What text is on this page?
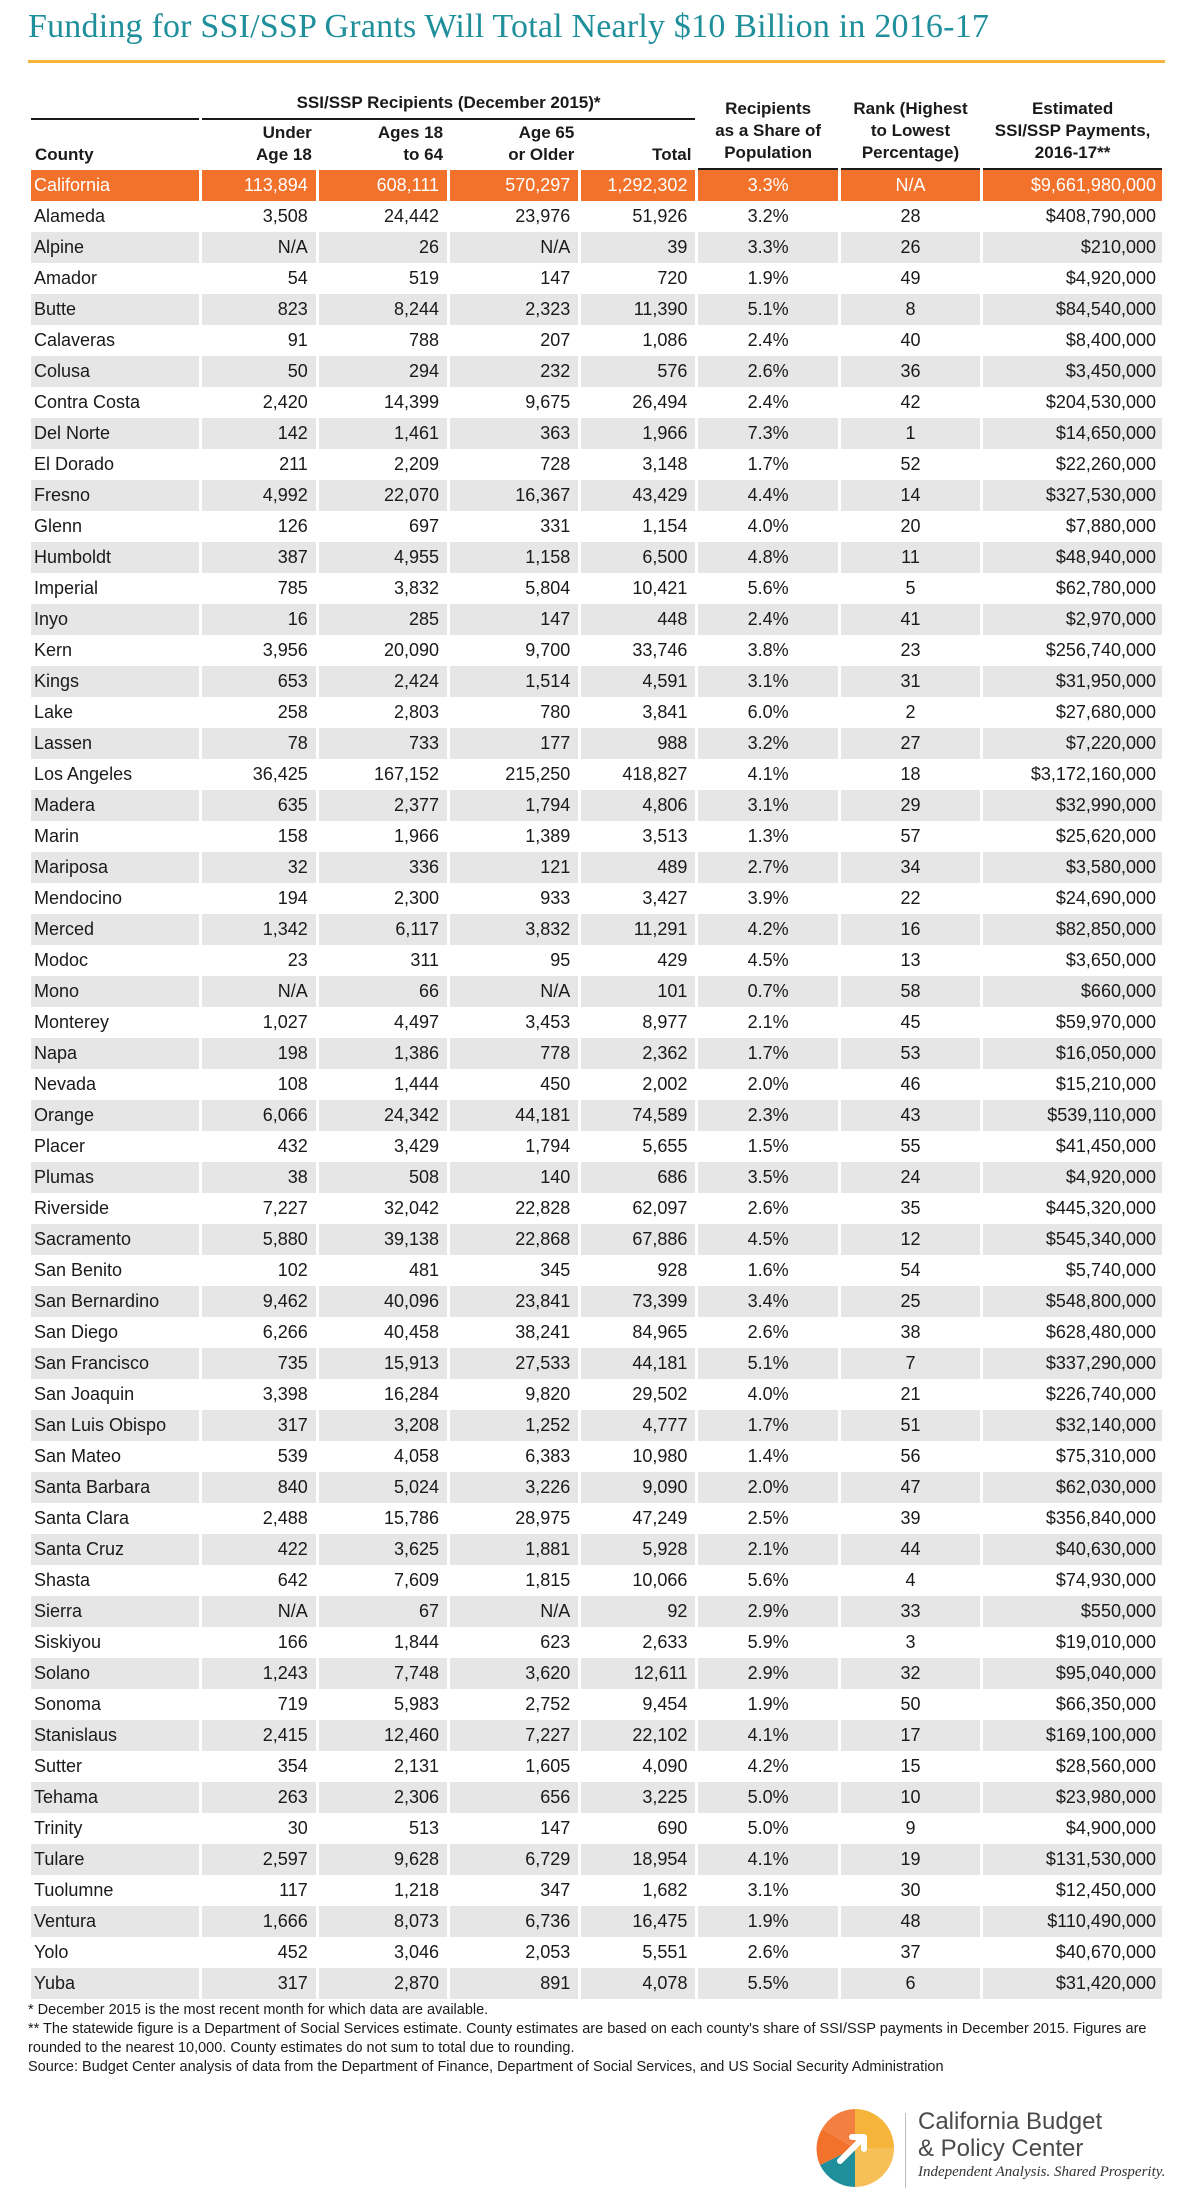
Funding for SSI/SSP Grants Will Total Nearly $10 Billion in 2016-17
	SSI/SSP Recipients (December 2015)*				Recipients
as a Share of
Population	Rank (Highest
to Lowest
Percentage)	Estimated
SSI/SSP Payments,
2016-17**
County	Under
Age 18	Ages 18
to 64	Age 65
or Older	Total			
California	113,894	608,111	570,297	1,292,302	3.3%	N/A	$9,661,980,000
Alameda	3,508	24,442	23,976	51,926	3.2%	28	$408,790,000
Alpine	N/A	26	N/A	39	3.3%	26	$210,000
Amador	54	519	147	720	1.9%	49	$4,920,000
Butte	823	8,244	2,323	11,390	5.1%	8	$84,540,000
Calaveras	91	788	207	1,086	2.4%	40	$8,400,000
Colusa	50	294	232	576	2.6%	36	$3,450,000
Contra Costa	2,420	14,399	9,675	26,494	2.4%	42	$204,530,000
Del Norte	142	1,461	363	1,966	7.3%	1	$14,650,000
El Dorado	211	2,209	728	3,148	1.7%	52	$22,260,000
Fresno	4,992	22,070	16,367	43,429	4.4%	14	$327,530,000
Glenn	126	697	331	1,154	4.0%	20	$7,880,000
Humboldt	387	4,955	1,158	6,500	4.8%	11	$48,940,000
Imperial	785	3,832	5,804	10,421	5.6%	5	$62,780,000
Inyo	16	285	147	448	2.4%	41	$2,970,000
Kern	3,956	20,090	9,700	33,746	3.8%	23	$256,740,000
Kings	653	2,424	1,514	4,591	3.1%	31	$31,950,000
Lake	258	2,803	780	3,841	6.0%	2	$27,680,000
Lassen	78	733	177	988	3.2%	27	$7,220,000
Los Angeles	36,425	167,152	215,250	418,827	4.1%	18	$3,172,160,000
Madera	635	2,377	1,794	4,806	3.1%	29	$32,990,000
Marin	158	1,966	1,389	3,513	1.3%	57	$25,620,000
Mariposa	32	336	121	489	2.7%	34	$3,580,000
Mendocino	194	2,300	933	3,427	3.9%	22	$24,690,000
Merced	1,342	6,117	3,832	11,291	4.2%	16	$82,850,000
Modoc	23	311	95	429	4.5%	13	$3,650,000
Mono	N/A	66	N/A	101	0.7%	58	$660,000
Monterey	1,027	4,497	3,453	8,977	2.1%	45	$59,970,000
Napa	198	1,386	778	2,362	1.7%	53	$16,050,000
Nevada	108	1,444	450	2,002	2.0%	46	$15,210,000
Orange	6,066	24,342	44,181	74,589	2.3%	43	$539,110,000
Placer	432	3,429	1,794	5,655	1.5%	55	$41,450,000
Plumas	38	508	140	686	3.5%	24	$4,920,000
Riverside	7,227	32,042	22,828	62,097	2.6%	35	$445,320,000
Sacramento	5,880	39,138	22,868	67,886	4.5%	12	$545,340,000
San Benito	102	481	345	928	1.6%	54	$5,740,000
San Bernardino	9,462	40,096	23,841	73,399	3.4%	25	$548,800,000
San Diego	6,266	40,458	38,241	84,965	2.6%	38	$628,480,000
San Francisco	735	15,913	27,533	44,181	5.1%	7	$337,290,000
San Joaquin	3,398	16,284	9,820	29,502	4.0%	21	$226,740,000
San Luis Obispo	317	3,208	1,252	4,777	1.7%	51	$32,140,000
San Mateo	539	4,058	6,383	10,980	1.4%	56	$75,310,000
Santa Barbara	840	5,024	3,226	9,090	2.0%	47	$62,030,000
Santa Clara	2,488	15,786	28,975	47,249	2.5%	39	$356,840,000
Santa Cruz	422	3,625	1,881	5,928	2.1%	44	$40,630,000
Shasta	642	7,609	1,815	10,066	5.6%	4	$74,930,000
Sierra	N/A	67	N/A	92	2.9%	33	$550,000
Siskiyou	166	1,844	623	2,633	5.9%	3	$19,010,000
Solano	1,243	7,748	3,620	12,611	2.9%	32	$95,040,000
Sonoma	719	5,983	2,752	9,454	1.9%	50	$66,350,000
Stanislaus	2,415	12,460	7,227	22,102	4.1%	17	$169,100,000
Sutter	354	2,131	1,605	4,090	4.2%	15	$28,560,000
Tehama	263	2,306	656	3,225	5.0%	10	$23,980,000
Trinity	30	513	147	690	5.0%	9	$4,900,000
Tulare	2,597	9,628	6,729	18,954	4.1%	19	$131,530,000
Tuolumne	117	1,218	347	1,682	3.1%	30	$12,450,000
Ventura	1,666	8,073	6,736	16,475	1.9%	48	$110,490,000
Yolo	452	3,046	2,053	5,551	2.6%	37	$40,670,000
Yuba	317	2,870	891	4,078	5.5%	6	$31,420,000

* December 2015 is the most recent month for which data are available.

** The statewide figure is a Department of Social Services estimate. County estimates are based on each county's share of SSI/SSP payments in December 2015. Figures are rounded to the nearest 10,000. County estimates do not sum to total due to rounding.

Source: Budget Center analysis of data from the Department of Finance, Department of Social Services, and US Social Security Administration

California Budget
& Policy Center
Independent Analysis. Shared Prosperity.
